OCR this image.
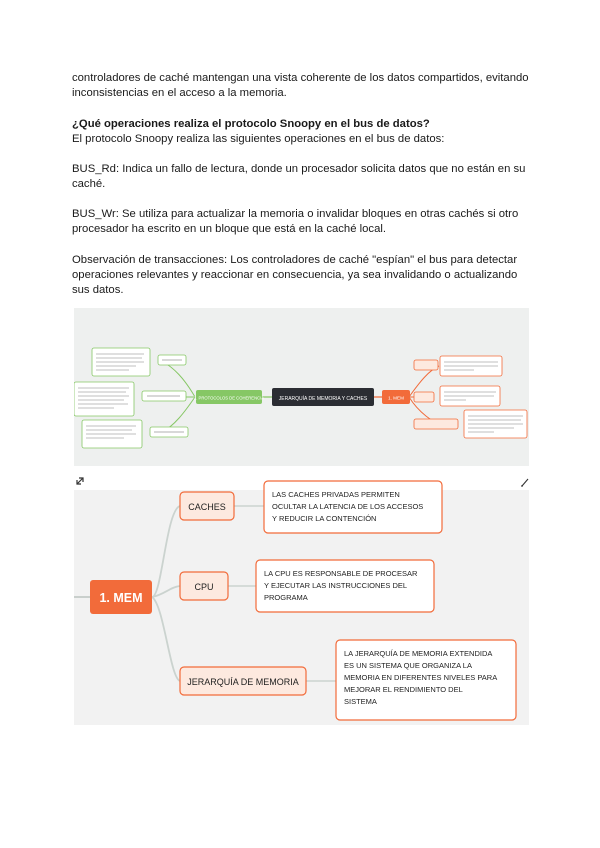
controladores de caché mantengan una vista coherente de los datos compartidos, evitando inconsistencias en el acceso a la memoria.

¿Qué operaciones realiza el protocolo Snoopy en el bus de datos?

El protocolo Snoopy realiza las siguientes operaciones en el bus de datos:

BUS_Rd: Indica un fallo de lectura, donde un procesador solicita datos que no están en su caché.

BUS_Wr: Se utiliza para actualizar la memoria o invalidar bloques en otras cachés si otro procesador ha escrito en un bloque que está en la caché local.

Observación de transacciones: Los controladores de caché "espían" el bus para detectar operaciones relevantes y reaccionar en consecuencia, ya sea invalidando o actualizando sus datos.

JERARQUÍA DE MEMORIA Y CACHES
2. PROTOCOLOS DE COHERENCIA	1. MEM
1. MEM
CACHES
LAS CACHES PRIVADAS PERMITEN OCULTAR LA LATENCIA DE LOS ACCESOS Y REDUCIR LA CONTENCIÓN
CPU
LA CPU ES RESPONSABLE DE PROCESAR Y EJECUTAR LAS INSTRUCCIONES DEL PROGRAMA
JERARQUÍA DE MEMORIA
LA JERARQUÍA DE MEMORIA EXTENDIDA ES UN SISTEMA QUE ORGANIZA LA MEMORIA EN DIFERENTES NIVELES PARA MEJORAR EL RENDIMIENTO DEL SISTEMA
